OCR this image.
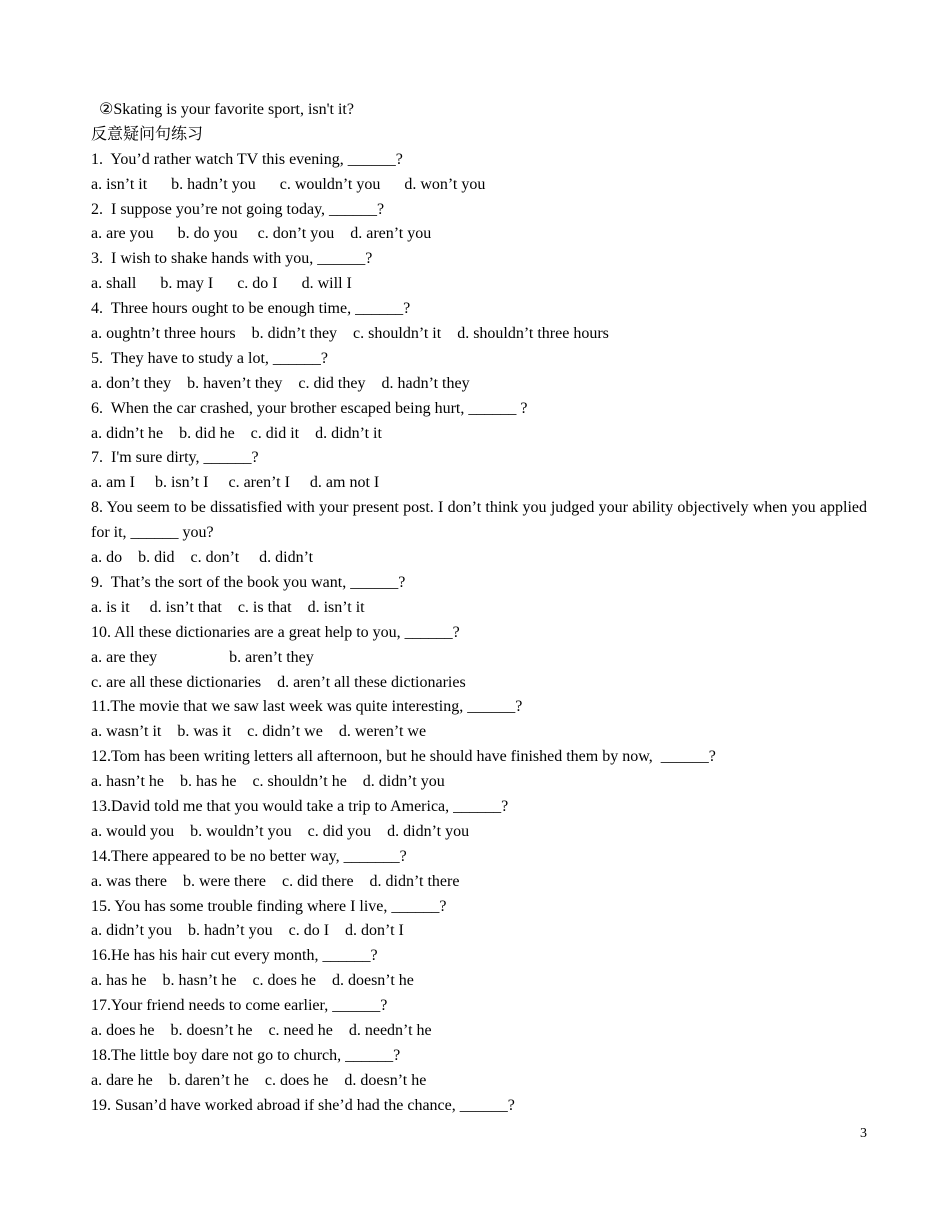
②Skating is your favorite sport, isn't it?
反意疑问句练习
1.  You’d rather watch TV this evening, ______?
a. isn’t it      b. hadn’t you      c. wouldn’t you      d. won’t you
2.  I suppose you’re not going today, ______?
a. are you      b. do you     c. don’t you    d. aren’t you
3.  I wish to shake hands with you, ______?
a. shall      b. may I      c. do I      d. will I
4.  Three hours ought to be enough time, ______?
a. oughtn’t three hours    b. didn’t they    c. shouldn’t it    d. shouldn’t three hours
5.  They have to study a lot, ______?
a. don’t they    b. haven’t they    c. did they    d. hadn’t they
6.  When the car crashed, your brother escaped being hurt, ______ ?
a. didn’t he    b. did he    c. did it    d. didn’t it
7.  I'm sure dirty, ______?
a. am I     b. isn’t I     c. aren’t I     d. am not I
8. You seem to be dissatisfied with your present post. I don’t think you judged your ability objectively when you applied for it, ______ you?
a. do    b. did    c. don’t     d. didn’t
9.  That’s the sort of the book you want, ______?
a. is it     d. isn’t that    c. is that    d. isn’t it
10. All these dictionaries are a great help to you, ______?
a. are they                  b. aren’t they
c. are all these dictionaries    d. aren’t all these dictionaries
11.The movie that we saw last week was quite interesting, ______?
a. wasn’t it    b. was it    c. didn’t we    d. weren’t we
12.Tom has been writing letters all afternoon, but he should have finished them by now,  ______?
a. hasn’t he    b. has he    c. shouldn’t he    d. didn’t you
13.David told me that you would take a trip to America, ______?
a. would you    b. wouldn’t you    c. did you    d. didn’t you
14.There appeared to be no better way, _______?
a. was there    b. were there    c. did there    d. didn’t there
15. You has some trouble finding where I live, ______?
a. didn’t you    b. hadn’t you    c. do I    d. don’t I
16.He has his hair cut every month, ______?
a. has he    b. hasn’t he    c. does he    d. doesn’t he
17.Your friend needs to come earlier, ______?
a. does he    b. doesn’t he    c. need he    d. needn’t he
18.The little boy dare not go to church, ______?
a. dare he    b. daren’t he    c. does he    d. doesn’t he
19. Susan’d have worked abroad if she’d had the chance, ______?
3
